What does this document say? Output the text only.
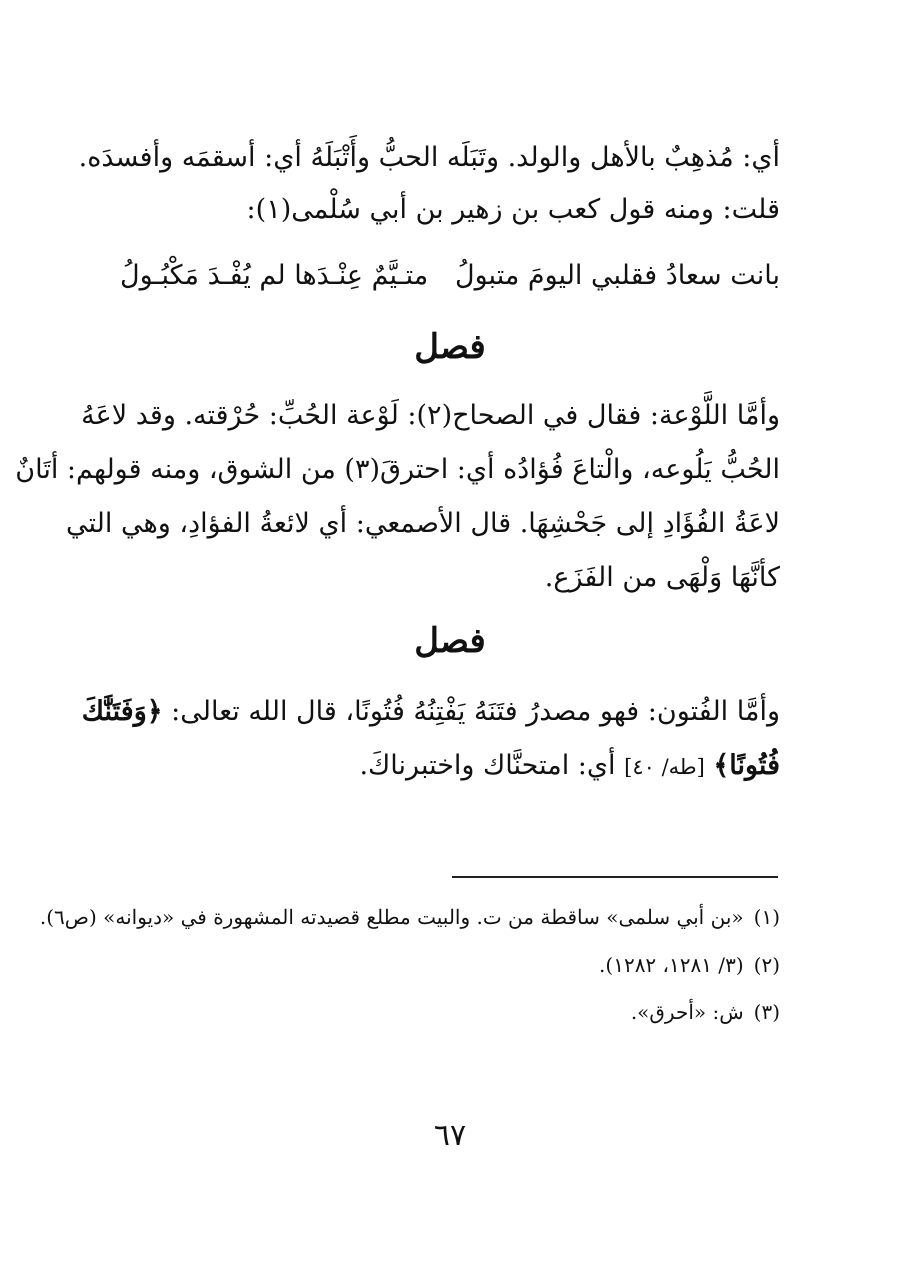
أي: مُذهِبٌ بالأهل والولد. وتَبَلَه الحبُّ وأَتْبَلَهُ أي: أسقمَه وأفسدَه.
قلت: ومنه قول كعب بن زهير بن أبي سُلْمى(١):
بانت سعادُ فقلبي اليومَ متبولُ
متـيَّمٌ عِنْـدَها لم يُفْـدَ مَكْبُـولُ
فصل
وأمَّا اللَّوْعة: فقال في الصحاح(٢): لَوْعة الحُبِّ: حُرْقته. وقد لاعَهُ
الحُبُّ يَلُوعه، والْتاعَ فُؤادُه أي: احترقَ(٣) من الشوق، ومنه قولهم: أتَانٌ
لاعَةُ الفُؤَادِ إلى جَحْشِهَا. قال الأصمعي: أي لائعةُ الفؤادِ، وهي التي
كأنَّهَا وَلْهَى من الفَزَع.
فصل
وأمَّا الفُتون: فهو مصدرُ فتَنَهُ يَفْتِنُهُ فُتُونًا، قال الله تعالى: ﴿وَفَتَنَّٰكَ
فُتُونًا﴾ [طه/ ٤٠] أي: امتحنَّاك واختبرناكَ.
(١)«بن أبي سلمى» ساقطة من ت. والبيت مطلع قصيدته المشهورة في «ديوانه» (ص٦).
(٢)(٣/ ١٢٨١، ١٢٨٢).
(٣)ش: «أحرق».
٦٧
